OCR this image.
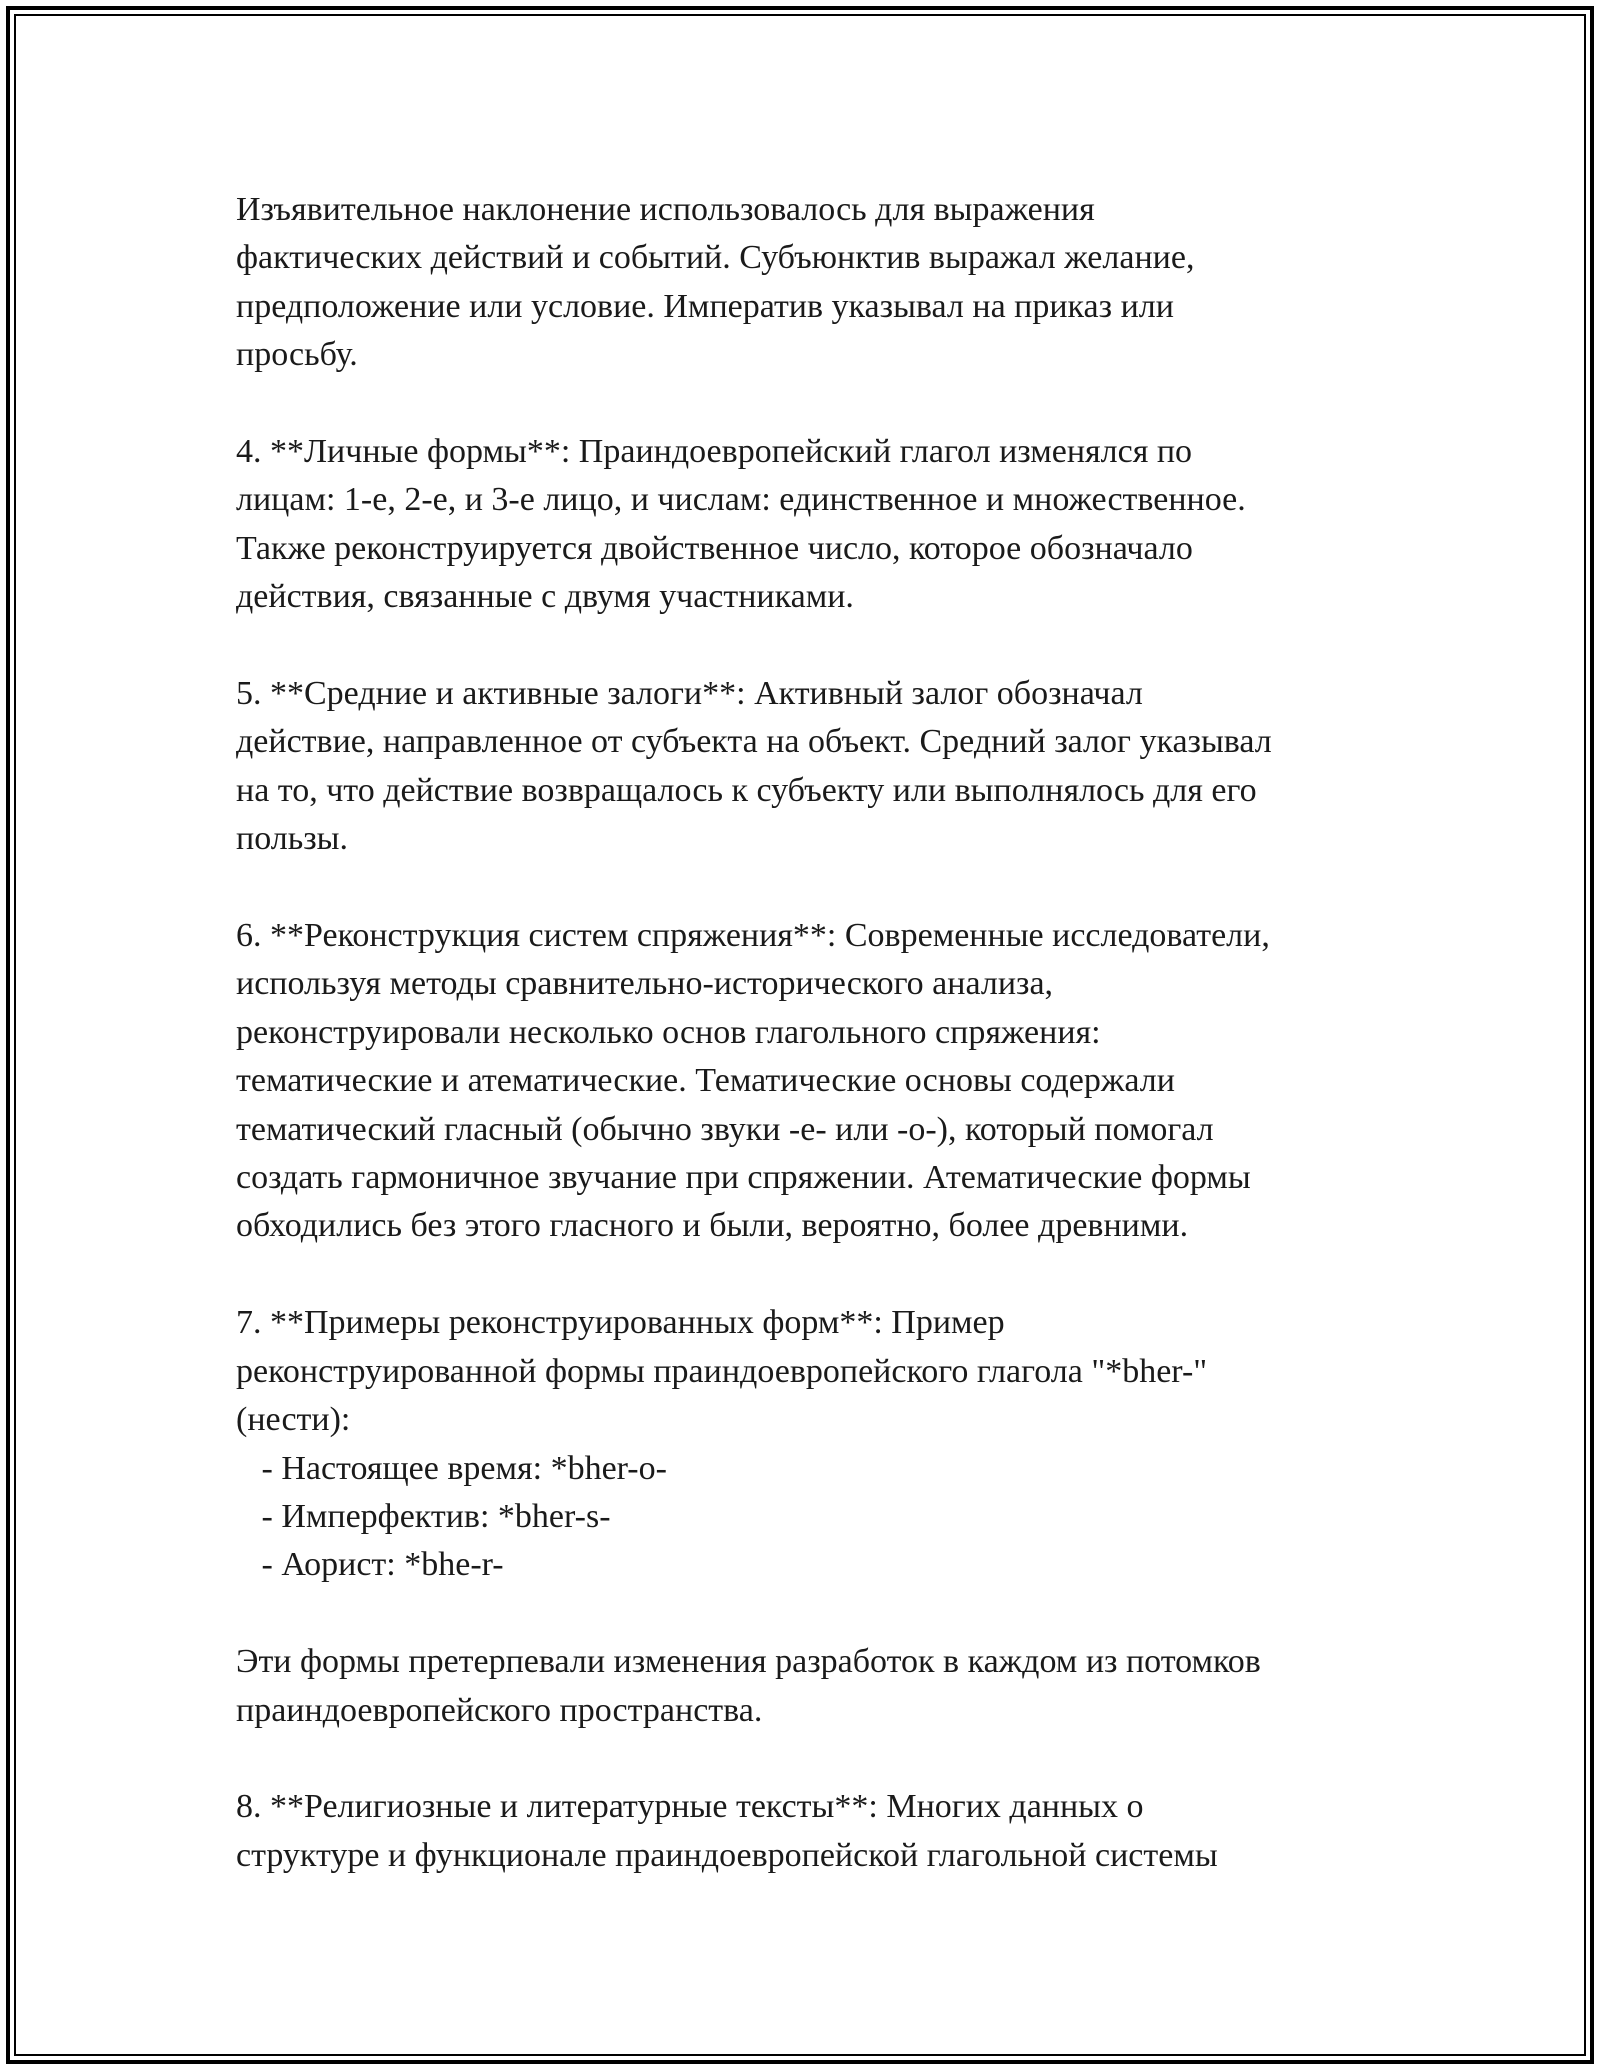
Изъявительное наклонение использовалось для выражения
фактических действий и событий. Субъюнктив выражал желание,
предположение или условие. Императив указывал на приказ или
просьбу.

4. **Личные формы**: Праиндоевропейский глагол изменялся по
лицам: 1-е, 2-е, и 3-е лицо, и числам: единственное и множественное.
Также реконструируется двойственное число, которое обозначало
действия, связанные с двумя участниками.

5. **Средние и активные залоги**: Активный залог обозначал
действие, направленное от субъекта на объект. Средний залог указывал
на то, что действие возвращалось к субъекту или выполнялось для его
пользы.

6. **Реконструкция систем спряжения**: Современные исследователи,
используя методы сравнительно-исторического анализа,
реконструировали несколько основ глагольного спряжения:
тематические и атематические. Тематические основы содержали
тематический гласный (обычно звуки -е- или -о-), который помогал
создать гармоничное звучание при спряжении. Атематические формы
обходились без этого гласного и были, вероятно, более древними.

7. **Примеры реконструированных форм**: Пример
реконструированной формы праиндоевропейского глагола "*bher-"
(нести):
- Настоящее время: *bher-o-
- Имперфектив: *bher-s-
- Аорист: *bhe-r-

Эти формы претерпевали изменения разработок в каждом из потомков
праиндоевропейского пространства.

8. **Религиозные и литературные тексты**: Многих данных о
структуре и функционале праиндоевропейской глагольной системы
